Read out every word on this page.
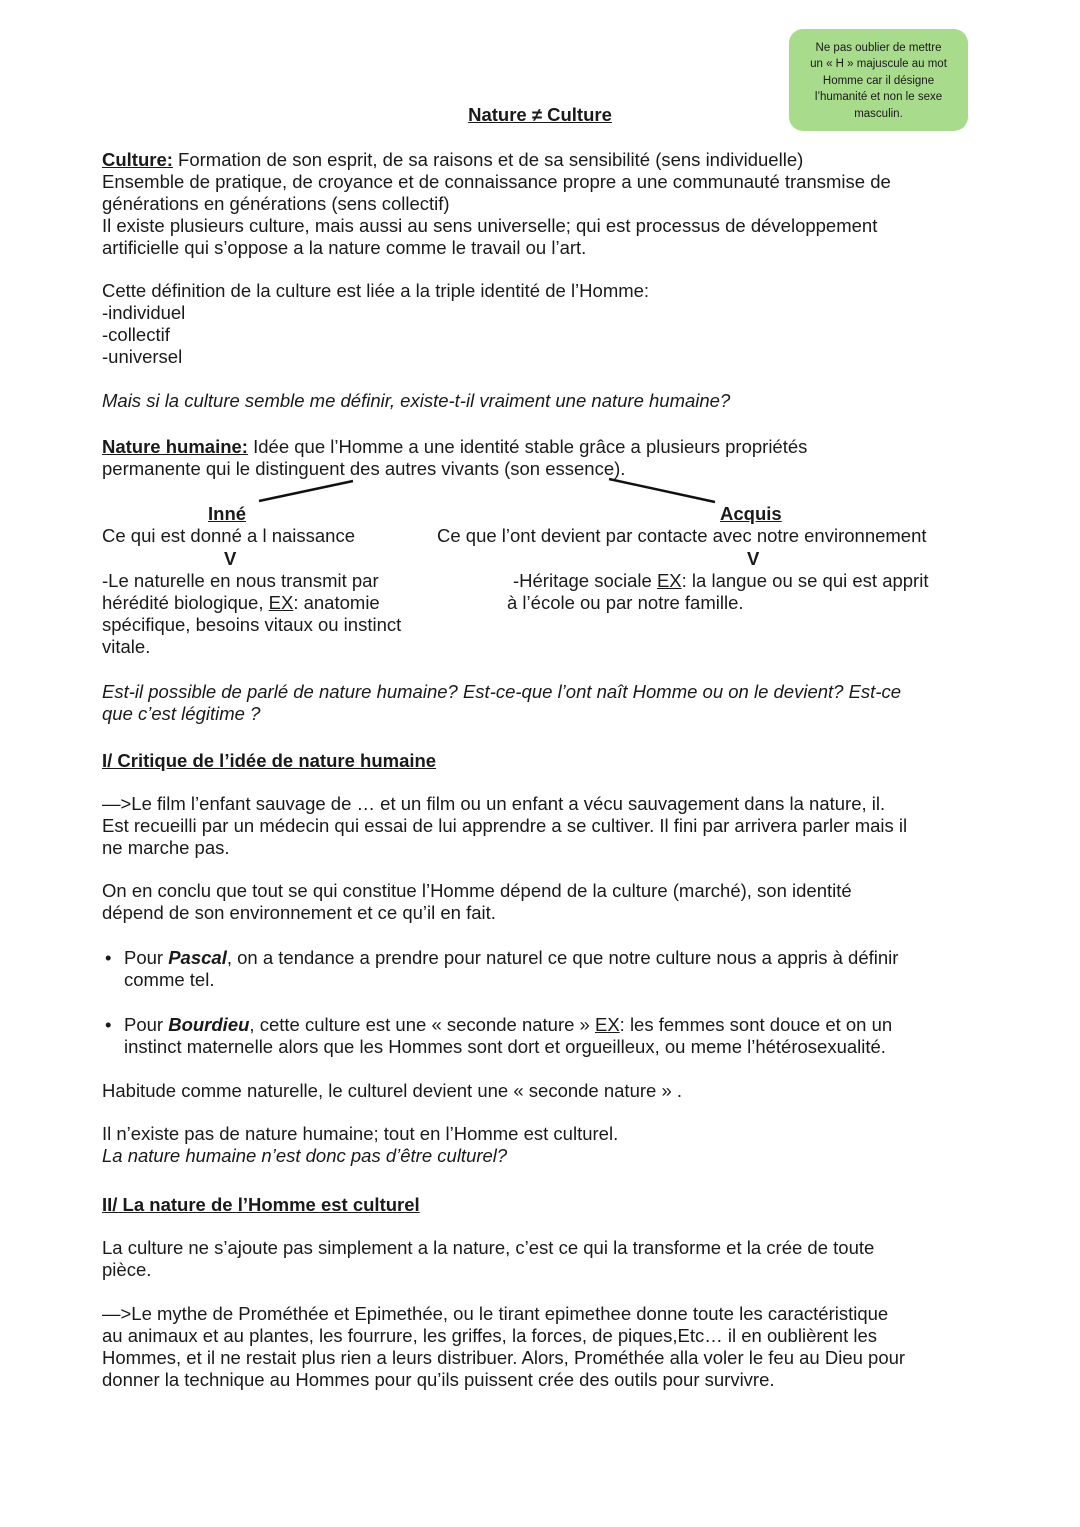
Ne pas oublier de mettre
un « H » majuscule au mot
Homme car il désigne
l’humanité et non le sexe
masculin.
Nature ≠ Culture
Culture: Formation de son esprit, de sa raisons et de sa sensibilité (sens individuelle)
Ensemble de pratique, de croyance et de connaissance propre a une communauté transmise de
générations en générations (sens collectif)
Il existe plusieurs culture, mais aussi au sens universelle; qui est processus de développement
artificielle qui s’oppose a la nature comme le travail ou l’art.
Cette définition de la culture est liée a la triple identité de l’Homme:
-individuel
-collectif
-universel
Mais si la culture semble me définir, existe-t-il vraiment une nature humaine?
Nature humaine: Idée que l’Homme a une identité stable grâce a plusieurs propriétés
permanente qui le distinguent des autres vivants (son essence).
Inné
Ce qui est donné a l naissance
V
-Le naturelle en nous transmit par
hérédité biologique, EX: anatomie
spécifique, besoins vitaux ou instinct
vitale.
Acquis
Ce que l’ont devient par contacte avec notre environnement
V
-Héritage sociale EX: la langue ou se qui est apprit
à l’école ou par notre famille.
Est-il possible de parlé de nature humaine? Est-ce-que l’ont naît Homme ou on le devient? Est-ce
que c’est légitime ?
I/ Critique de l’idée de nature humaine
—>Le film l’enfant sauvage de … et un film ou un enfant a vécu sauvagement dans la nature, il.
Est recueilli par un médecin qui essai de lui apprendre a se cultiver. Il fini par arrivera parler mais il
ne marche pas.
On en conclu que tout se qui constitue l’Homme dépend de la culture (marché), son identité
dépend de son environnement et ce qu’il en fait.
• Pour Pascal, on a tendance a prendre pour naturel ce que notre culture nous a appris à définir
comme tel.
• Pour Bourdieu, cette culture est une « seconde nature » EX: les femmes sont douce et on un
instinct maternelle alors que les Hommes sont dort et orgueilleux, ou meme l’hétérosexualité.
Habitude comme naturelle, le culturel devient une « seconde nature » .
Il n’existe pas de nature humaine; tout en l’Homme est culturel.
La nature humaine n’est donc pas d’être culturel?
II/ La nature de l’Homme est culturel
La culture ne s’ajoute pas simplement a la nature, c’est ce qui la transforme et la crée de toute
pièce.
—>Le mythe de Prométhée et Epimethée, ou le tirant epimethee donne toute les caractéristique
au animaux et au plantes, les fourrure, les griffes, la forces, de piques,Etc… il en oublièrent les
Hommes, et il ne restait plus rien a leurs distribuer. Alors, Prométhée alla voler le feu au Dieu pour
donner la technique au Hommes pour qu’ils puissent crée des outils pour survivre.
